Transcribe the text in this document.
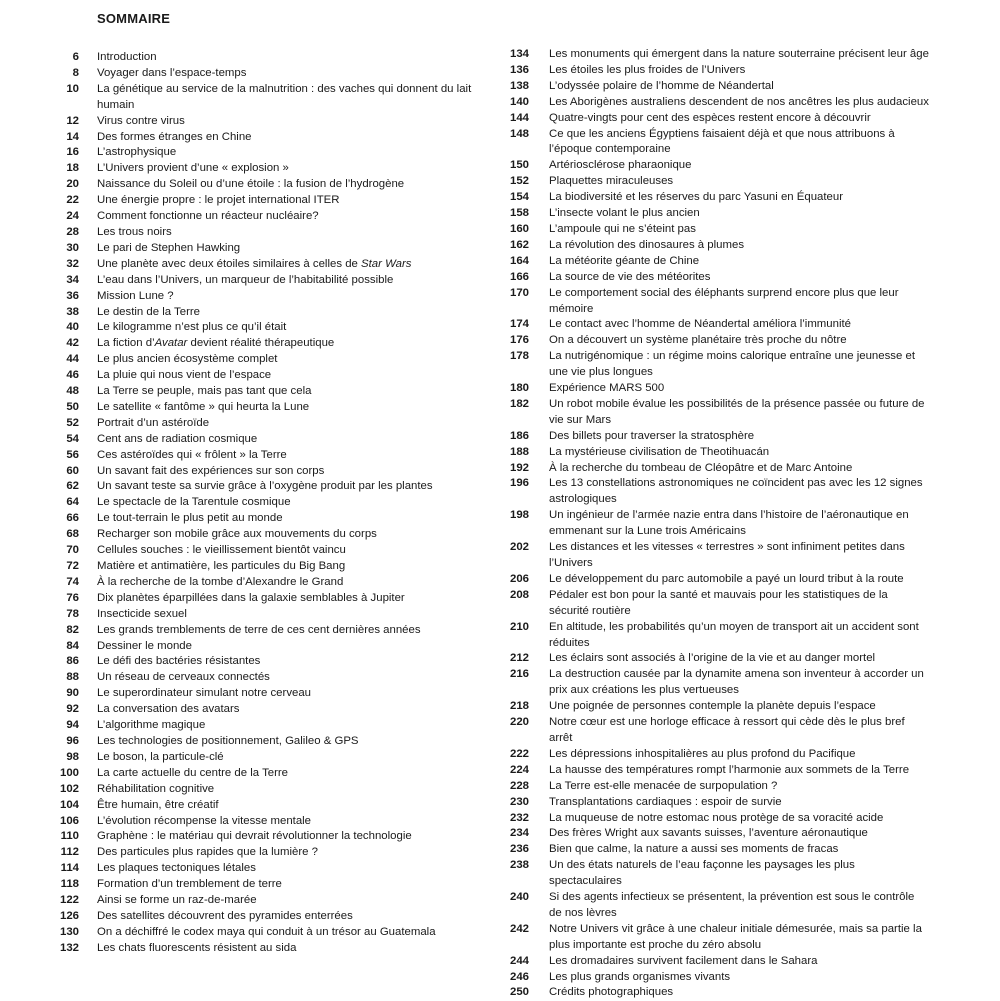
SOMMAIRE
6 Introduction
8 Voyager dans l’espace-temps
10 La génétique au service de la malnutrition : des vaches qui donnent du lait humain
12 Virus contre virus
14 Des formes étranges en Chine
16 L’astrophysique
18 L’Univers provient d’une « explosion »
20 Naissance du Soleil ou d’une étoile : la fusion de l’hydrogène
22 Une énergie propre : le projet international ITER
24 Comment fonctionne un réacteur nucléaire?
28 Les trous noirs
30 Le pari de Stephen Hawking
32 Une planète avec deux étoiles similaires à celles de Star Wars
34 L’eau dans l’Univers, un marqueur de l’habitabilité possible
36 Mission Lune ?
38 Le destin de la Terre
40 Le kilogramme n’est plus ce qu’il était
42 La fiction d’Avatar devient réalité thérapeutique
44 Le plus ancien écosystème complet
46 La pluie qui nous vient de l’espace
48 La Terre se peuple, mais pas tant que cela
50 Le satellite « fantôme » qui heurta la Lune
52 Portrait d’un astéroïde
54 Cent ans de radiation cosmique
56 Ces astéroïdes qui « frôlent » la Terre
60 Un savant fait des expériences sur son corps
62 Un savant teste sa survie grâce à l’oxygène produit par les plantes
64 Le spectacle de la Tarentule cosmique
66 Le tout-terrain le plus petit au monde
68 Recharger son mobile grâce aux mouvements du corps
70 Cellules souches : le vieillissement bientôt vaincu
72 Matière et antimatière, les particules du Big Bang
74 À la recherche de la tombe d’Alexandre le Grand
76 Dix planètes éparpillées dans la galaxie semblables à Jupiter
78 Insecticide sexuel
82 Les grands tremblements de terre de ces cent dernières années
84 Dessiner le monde
86 Le défi des bactéries résistantes
88 Un réseau de cerveaux connectés
90 Le superordinateur simulant notre cerveau
92 La conversation des avatars
94 L’algorithme magique
96 Les technologies de positionnement, Galileo & GPS
98 Le boson, la particule-clé
100 La carte actuelle du centre de la Terre
102 Réhabilitation cognitive
104 Être humain, être créatif
106 L’évolution récompense la vitesse mentale
110 Graphène : le matériau qui devrait révolutionner la technologie
112 Des particules plus rapides que la lumière ?
114 Les plaques tectoniques létales
118 Formation d’un tremblement de terre
122 Ainsi se forme un raz-de-marée
126 Des satellites découvrent des pyramides enterrées
130 On a déchiffré le codex maya qui conduit à un trésor au Guatemala
132 Les chats fluorescents résistent au sida
134 Les monuments qui émergent dans la nature souterraine précisent leur âge
136 Les étoiles les plus froides de l’Univers
138 L’odyssée polaire de l’homme de Néandertal
140 Les Aborigènes australiens descendent de nos ancêtres les plus audacieux
144 Quatre-vingts pour cent des espèces restent encore à découvrir
148 Ce que les anciens Égyptiens faisaient déjà et que nous attribuons à l’époque contemporaine
150 Artériosclérose pharaonique
152 Plaquettes miraculeuses
154 La biodiversité et les réserves du parc Yasuni en Équateur
158 L’insecte volant le plus ancien
160 L’ampoule qui ne s’éteint pas
162 La révolution des dinosaures à plumes
164 La météorite géante de Chine
166 La source de vie des météorites
170 Le comportement social des éléphants surprend encore plus que leur mémoire
174 Le contact avec l’homme de Néandertal améliora l’immunité
176 On a découvert un système planétaire très proche du nôtre
178 La nutrigénomique : un régime moins calorique entraîne une jeunesse et une vie plus longues
180 Expérience MARS 500
182 Un robot mobile évalue les possibilités de la présence passée ou future de vie sur Mars
186 Des billets pour traverser la stratosphère
188 La mystérieuse civilisation de Theotihuacán
192 À la recherche du tombeau de Cléopâtre et de Marc Antoine
196 Les 13 constellations astronomiques ne coïncident pas avec les 12 signes astrologiques
198 Un ingénieur de l’armée nazie entra dans l’histoire de l’aéronautique en emmenant sur la Lune trois Américains
202 Les distances et les vitesses « terrestres » sont infiniment petites dans l’Univers
206 Le développement du parc automobile a payé un lourd tribut à la route
208 Pédaler est bon pour la santé et mauvais pour les statistiques de la sécurité routière
210 En altitude, les probabilités qu’un moyen de transport ait un accident sont réduites
212 Les éclairs sont associés à l’origine de la vie et au danger mortel
216 La destruction causée par la dynamite amena son inventeur à accorder un prix aux créations les plus vertueuses
218 Une poignée de personnes contemple la planète depuis l’espace
220 Notre cœur est une horloge efficace à ressort qui cède dès le plus bref arrêt
222 Les dépressions inhospitalières au plus profond du Pacifique
224 La hausse des températures rompt l’harmonie aux sommets de la Terre
228 La Terre est-elle menacée de surpopulation ?
230 Transplantations cardiaques : espoir de survie
232 La muqueuse de notre estomac nous protège de sa voracité acide
234 Des frères Wright aux savants suisses, l’aventure aéronautique
236 Bien que calme, la nature a aussi ses moments de fracas
238 Un des états naturels de l’eau façonne les paysages les plus spectaculaires
240 Si des agents infectieux se présentent, la prévention est sous le contrôle de nos lèvres
242 Notre Univers vit grâce à une chaleur initiale démesurée, mais sa partie la plus importante est proche du zéro absolu
244 Les dromadaires survivent facilement dans le Sahara
246 Les plus grands organismes vivants
250 Crédits photographiques
